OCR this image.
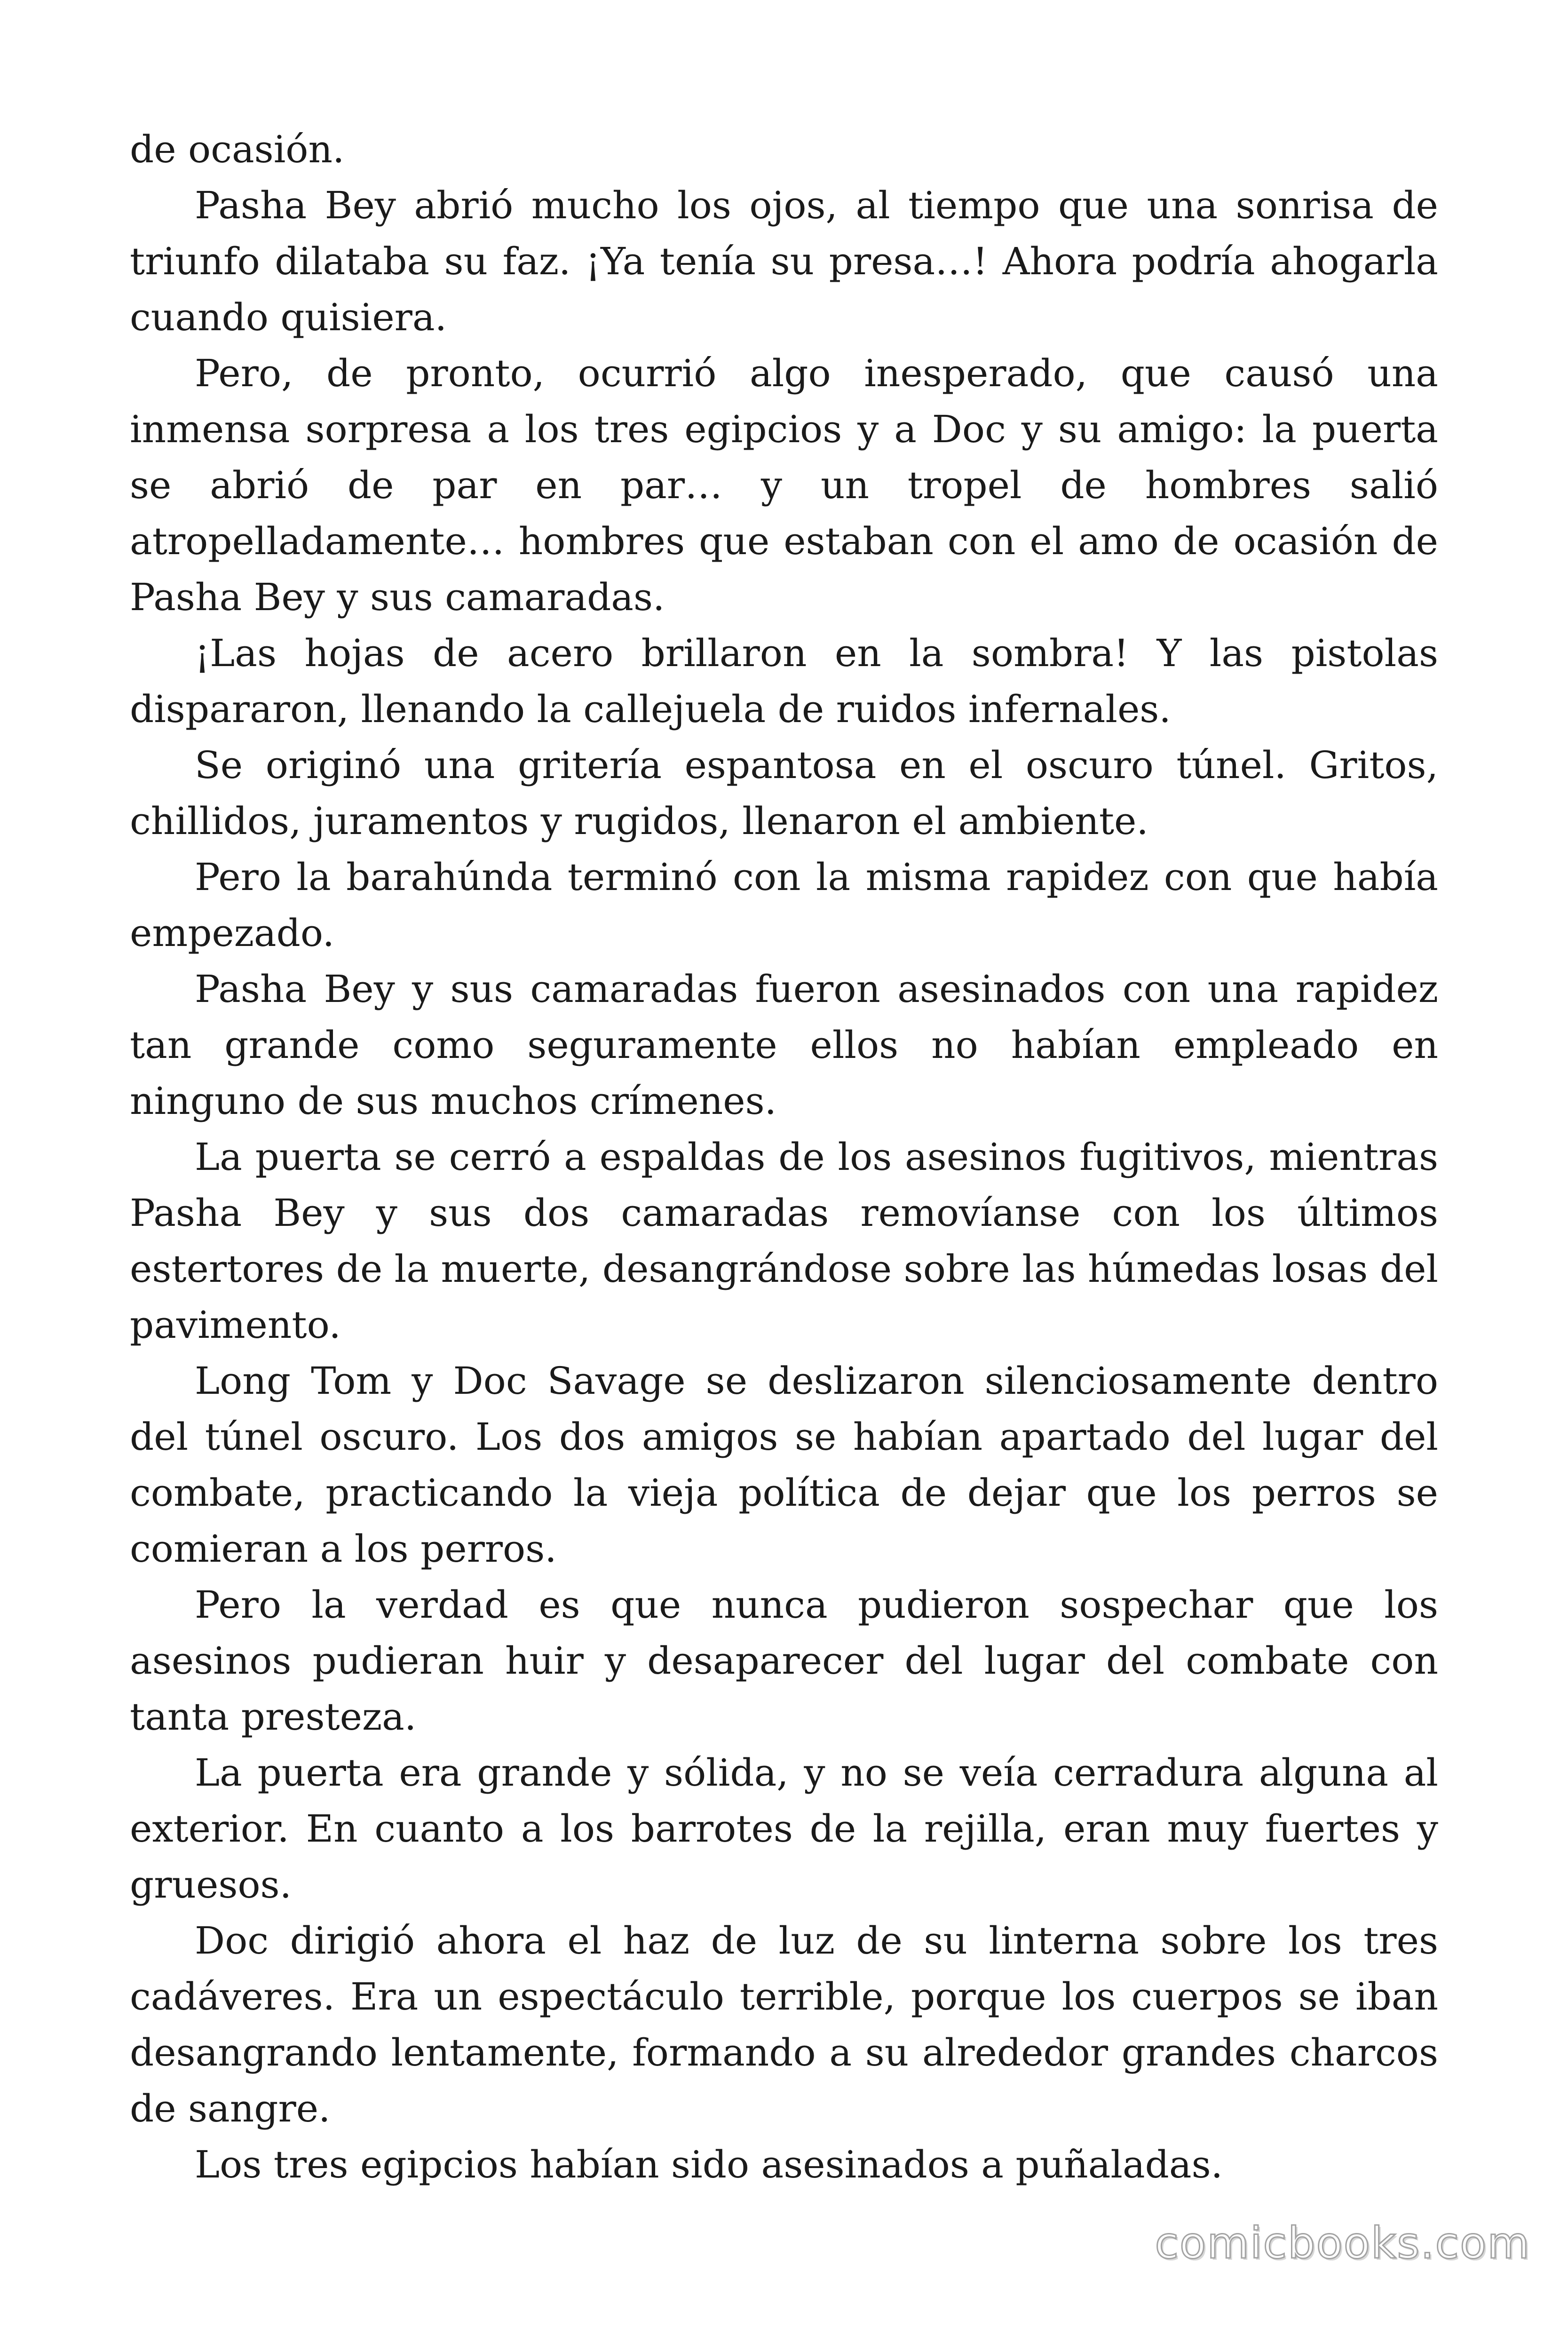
de ocasión.

Pasha Bey abrió mucho los ojos, al tiempo que una sonrisa de triunfo dilataba su faz. ¡Ya tenía su presa…! Ahora podría ahogarla cuando quisiera.

Pero, de pronto, ocurrió algo inesperado, que causó una inmensa sorpresa a los tres egipcios y a Doc y su amigo: la puerta se abrió de par en par… y un tropel de hombres salió atropelladamente… hombres que estaban con el amo de ocasión de Pasha Bey y sus camaradas.

¡Las hojas de acero brillaron en la sombra! Y las pistolas dispararon, llenando la callejuela de ruidos infernales.

Se originó una gritería espantosa en el oscuro túnel. Gritos, chillidos, juramentos y rugidos, llenaron el ambiente.

Pero la barahúnda terminó con la misma rapidez con que había empezado.

Pasha Bey y sus camaradas fueron asesinados con una rapidez tan grande como seguramente ellos no habían empleado en ninguno de sus muchos crímenes.

La puerta se cerró a espaldas de los asesinos fugitivos, mientras Pasha Bey y sus dos camaradas removíanse con los últimos estertores de la muerte, desangrándose sobre las húmedas losas del pavimento.

Long Tom y Doc Savage se deslizaron silenciosamente dentro del túnel oscuro. Los dos amigos se habían apartado del lugar del combate, practicando la vieja política de dejar que los perros se comieran a los perros.

Pero la verdad es que nunca pudieron sospechar que los asesinos pudieran huir y desaparecer del lugar del combate con tanta presteza.

La puerta era grande y sólida, y no se veía cerradura alguna al exterior. En cuanto a los barrotes de la rejilla, eran muy fuertes y gruesos.

Doc dirigió ahora el haz de luz de su linterna sobre los tres cadáveres. Era un espectáculo terrible, porque los cuerpos se iban desangrando lentamente, formando a su alrededor grandes charcos de sangre.

Los tres egipcios habían sido asesinados a puñaladas.

comicbooks.com
